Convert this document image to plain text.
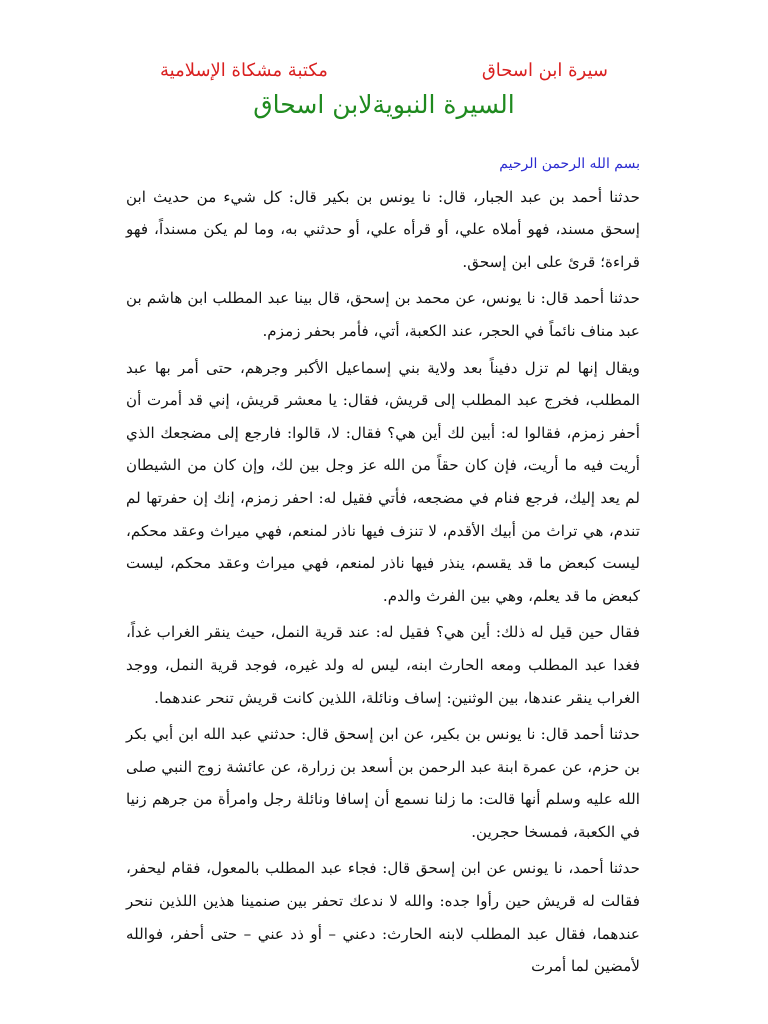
سيرة ابن اسحاق
مكتبة مشكاة الإسلامية
السيرة النبويةلابن اسحاق

بسم الله الرحمن الرحيم

حدثنا أحمد بن عبد الجبار، قال: نا يونس بن بكير قال: كل شيء من حديث ابن إسحق مسند، فهو أملاه علي، أو قرأه علي، أو حدثني به، وما لم يكن مسنداً، فهو قراءة؛ قرئ على ابن إسحق.

حدثنا أحمد قال: نا يونس، عن محمد بن إسحق، قال بينا عبد المطلب ابن هاشم بن عبد مناف نائماً في الحجر، عند الكعبة، أتي، فأمر بحفر زمزم.

ويقال إنها لم تزل دفيناً بعد ولاية بني إسماعيل الأكبر وجرهم، حتى أمر بها عبد المطلب، فخرج عبد المطلب إلى قريش، فقال: يا معشر قريش، إني قد أمرت أن أحفر زمزم، فقالوا له: أبين لك أين هي؟ فقال: لا، قالوا: فارجع إلى مضجعك الذي أريت فيه ما أريت، فإن كان حقاً من الله عز وجل بين لك، وإن كان من الشيطان لم يعد إليك، فرجع فنام في مضجعه، فأتي فقيل له: احفر زمزم، إنك إن حفرتها لم تندم، هي تراث من أبيك الأقدم، لا تنزف فيها ناذر لمنعم، فهي ميراث وعقد محكم، ليست كبعض ما قد يقسم، ينذر فيها ناذر لمنعم، فهي ميراث وعقد محكم، ليست كبعض ما قد يعلم، وهي بين الفرث والدم.

فقال حين قيل له ذلك: أين هي؟ فقيل له: عند قرية النمل، حيث ينقر الغراب غداً، فغدا عبد المطلب ومعه الحارث ابنه، ليس له ولد غيره، فوجد قرية النمل، ووجد الغراب ينقر عندها، بين الوثنين: إساف ونائلة، اللذين كانت قريش تنحر عندهما.

حدثنا أحمد قال: نا يونس بن بكير، عن ابن إسحق قال: حدثني عبد الله ابن أبي بكر بن حزم، عن عمرة ابنة عبد الرحمن بن أسعد بن زرارة، عن عائشة زوج النبي صلى الله عليه وسلم أنها قالت: ما زلنا نسمع أن إسافا ونائلة رجل وامرأة من جرهم زنيا في الكعبة، فمسخا حجرين.

حدثنا أحمد، نا يونس عن ابن إسحق قال: فجاء عبد المطلب بالمعول، فقام ليحفر، فقالت له قريش حين رأوا جده: والله لا ندعك تحفر بين صنمينا هذين اللذين ننحر عندهما، فقال عبد المطلب لابنه الحارث: دعني – أو ذد عني – حتى أحفر، فوالله لأمضين لما أمرت
